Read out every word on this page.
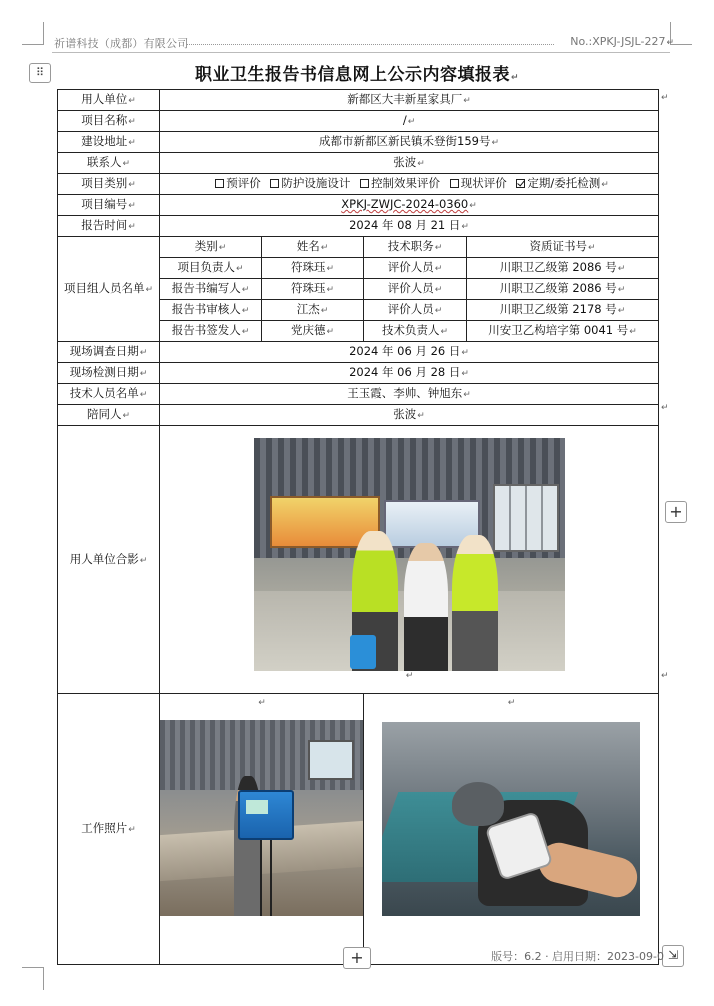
祈谱科技（成都）有限公司	No.:XPKJ-JSJL-227↵
⠿	职业卫生报告书信息网上公示内容填报表↵
用人单位↵	新都区大丰新星家具厂↵			
项目名称↵	/↵			
建设地址↵	成都市新都区新民镇禾登街159号↵			
联系人↵	张波↵			
项目类别↵	预评价 防护设施设计 控制效果评价 现状评价 定期/委托检测↵			
项目编号↵	XPKJ-ZWJC-2024-0360↵			
报告时间↵	2024 年 08 月 21 日↵			
项目组人员名单↵	类别↵	姓名↵	技术职务↵	资质证书号↵
	项目负责人↵	符珠珏↵	评价人员↵	川职卫乙级第 2086 号↵
	报告书编写人↵	符珠珏↵	评价人员↵	川职卫乙级第 2086 号↵
	报告书审核人↵	江杰↵	评价人员↵	川职卫乙级第 2178 号↵
	报告书签发人↵	党庆德↵	技术负责人↵	川安卫乙构培字第 0041 号↵
现场调查日期↵	2024 年 06 月 26 日↵			
现场检测日期↵	2024 年 06 月 28 日↵			
技术人员名单↵	王玉霞、李帅、钟旭东↵			
陪同人↵	张波↵			
用人单位合影↵	↵			

工作照片↵	↵		↵	
↵
↵
↵
+
+	⇲
版号：6.2 · 启用日期：2023-09-0
